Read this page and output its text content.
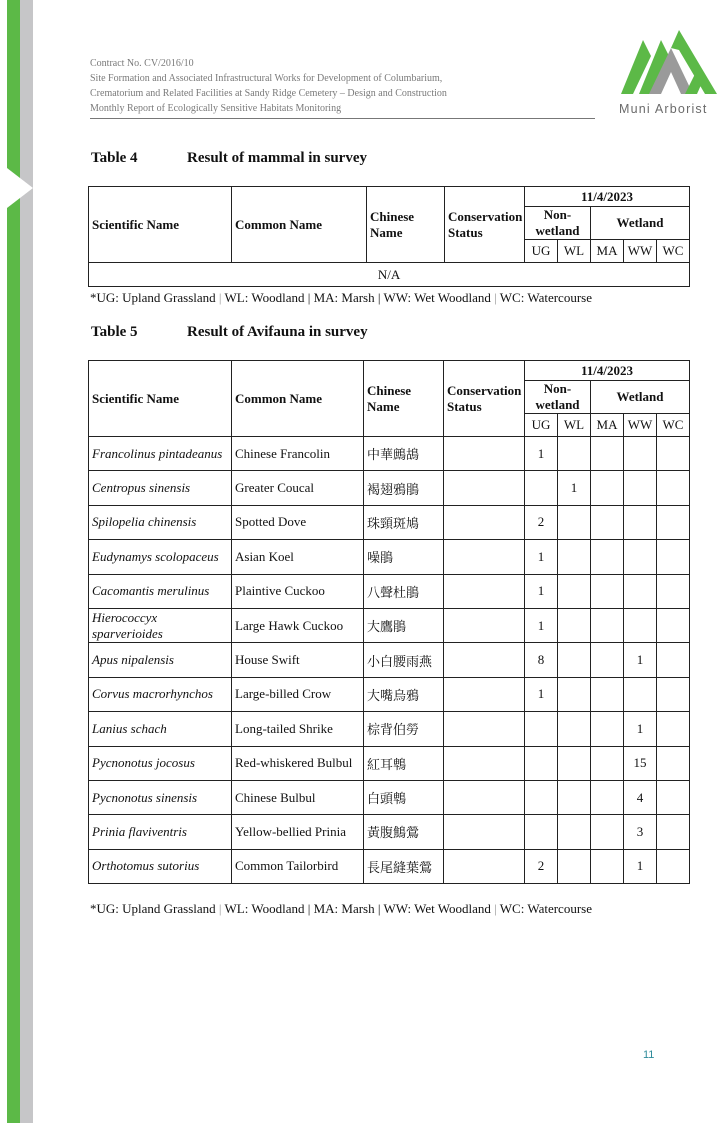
Contract No. CV/2016/10
Site Formation and Associated Infrastructural Works for Development of Columbarium,
Crematorium and Related Facilities at Sandy Ridge Cemetery – Design and Construction
Monthly Report of Ecologically Sensitive Habitats Monitoring	Muni Arborist
Table 4	Result of mammal in survey
Scientific Name	Common Name	Chinese Name	Conservation Status	11/4/2023				
				Non-wetland		Wetland		
				UG	WL	MA	WW	WC
N/A								
*UG: Upland Grassland | WL: Woodland | MA: Marsh | WW: Wet Woodland | WC: Watercourse
Table 5	Result of Avifauna in survey
Scientific Name	Common Name	Chinese Name	Conservation Status	11/4/2023				
				Non-wetland		Wetland		
				UG	WL	MA	WW	WC
Francolinus pintadeanus	Chinese Francolin	中華鷓鴣		1				
Centropus sinensis	Greater Coucal	褐翅鴉鵑			1			
Spilopelia chinensis	Spotted Dove	珠頸斑鳩		2				
Eudynamys scolopaceus	Asian Koel	噪鵑		1				
Cacomantis merulinus	Plaintive Cuckoo	八聲杜鵑		1				
Hierococcyx sparverioides	Large Hawk Cuckoo	大鷹鵑		1				
Apus nipalensis	House Swift	小白腰雨燕		8			1	
Corvus macrorhynchos	Large-billed Crow	大嘴烏鴉		1				
Lanius schach	Long-tailed Shrike	棕背伯勞					1	
Pycnonotus jocosus	Red-whiskered Bulbul	紅耳鵯					15	
Pycnonotus sinensis	Chinese Bulbul	白頭鵯					4	
Prinia flaviventris	Yellow-bellied Prinia	黃腹鷦鶯					3	
Orthotomus sutorius	Common Tailorbird	長尾縫葉鶯		2			1	
*UG: Upland Grassland | WL: Woodland | MA: Marsh | WW: Wet Woodland | WC: Watercourse
11
